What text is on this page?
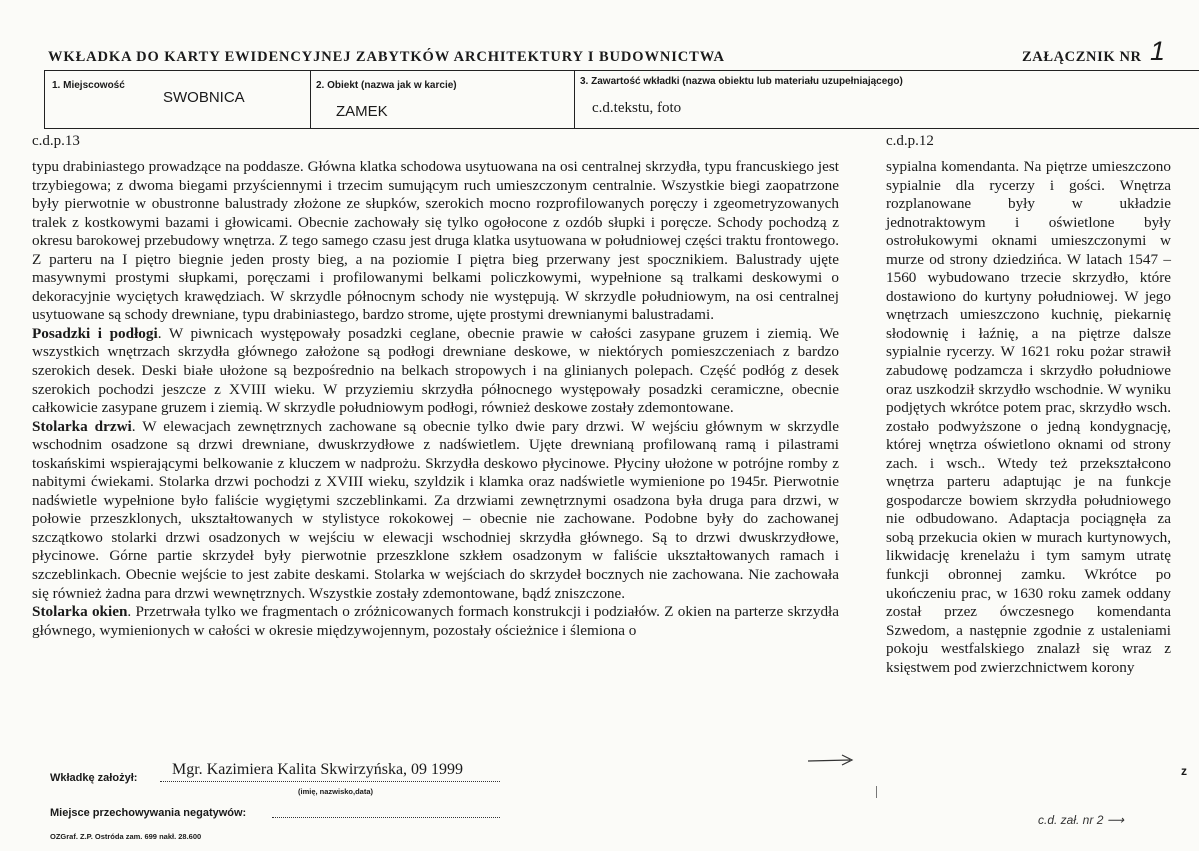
WKŁADKA DO KARTY EWIDENCYJNEJ ZABYTKÓW ARCHITEKTURY I BUDOWNICTWA	ZAŁĄCZNIK NR 1
1. Miejscowość
SWOBNICA
2. Obiekt (nazwa jak w karcie)
ZAMEK
3. Zawartość wkładki (nazwa obiektu lub materiału uzupełniającego)
c.d.tekstu, foto
c.d.p.13	c.d.p.12

typu drabiniastego prowadzące na poddasze. Główna klatka schodowa usytuowana na osi centralnej skrzydła, typu francuskiego jest trzybiegowa; z dwoma biegami przyściennymi i trzecim sumującym ruch umieszczonym centralnie. Wszystkie biegi zaopatrzone były pierwotnie w obustronne balustrady złożone ze słupków, szerokich mocno rozprofilowanych poręczy i zgeometryzowanych tralek z kostkowymi bazami i głowicami. Obecnie zachowały się tylko ogołocone z ozdób słupki i poręcze. Schody pochodzą z okresu barokowej przebudowy wnętrza. Z tego samego czasu jest druga klatka usytuowana w południowej części traktu frontowego. Z parteru na I piętro biegnie jeden prosty bieg, a na poziomie I piętra bieg przerwany jest spocznikiem. Balustrady ujęte masywnymi prostymi słupkami, poręczami i profilowanymi belkami policzkowymi, wypełnione są tralkami deskowymi o dekoracyjnie wyciętych krawędziach. W skrzydle północnym schody nie występują. W skrzydle południowym, na osi centralnej usytuowane są schody drewniane, typu drabiniastego, bardzo strome, ujęte prostymi drewnianymi balustradami.

Posadzki i podłogi. W piwnicach występowały posadzki ceglane, obecnie prawie w całości zasypane gruzem i ziemią. We wszystkich wnętrzach skrzydła głównego założone są podłogi drewniane deskowe, w niektórych pomieszczeniach z bardzo szerokich desek. Deski białe ułożone są bezpośrednio na belkach stropowych i na glinianych polepach. Część podłóg z desek szerokich pochodzi jeszcze z XVIII wieku. W przyziemiu skrzydła północnego występowały posadzki ceramiczne, obecnie całkowicie zasypane gruzem i ziemią. W skrzydle południowym podłogi, również deskowe zostały zdemontowane.

Stolarka drzwi. W elewacjach zewnętrznych zachowane są obecnie tylko dwie pary drzwi. W wejściu głównym w skrzydle wschodnim osadzone są drzwi drewniane, dwuskrzydłowe z nadświetlem. Ujęte drewnianą profilowaną ramą i pilastrami toskańskimi wspierającymi belkowanie z kluczem w nadprożu. Skrzydła deskowo płycinowe. Płyciny ułożone w potrójne romby z nabitymi ćwiekami. Stolarka drzwi pochodzi z XVIII wieku, szyldzik i klamka oraz nadświetle wymienione po 1945r. Pierwotnie nadświetle wypełnione było faliście wygiętymi szczeblinkami. Za drzwiami zewnętrznymi osadzona była druga para drzwi, w połowie przeszklonych, ukształtowanych w stylistyce rokokowej – obecnie nie zachowane. Podobne były do zachowanej szczątkowo stolarki drzwi osadzonych w wejściu w elewacji wschodniej skrzydła głównego. Są to drzwi dwuskrzydłowe, płycinowe. Górne partie skrzydeł były pierwotnie przeszklone szkłem osadzonym w faliście ukształtowanych ramach i szczeblinkach. Obecnie wejście to jest zabite deskami. Stolarka w wejściach do skrzydeł bocznych nie zachowana. Nie zachowała się również żadna para drzwi wewnętrznych. Wszystkie zostały zdemontowane, bądź zniszczone.

Stolarka okien. Przetrwała tylko we fragmentach o zróżnicowanych formach konstrukcji i podziałów. Z okien na parterze skrzydła głównego, wymienionych w całości w okresie międzywojennym, pozostały ościeżnice i ślemiona o

sypialna komendanta. Na piętrze umieszczono sypialnie dla rycerzy i gości. Wnętrza rozplanowane były w układzie jednotraktowym i oświetlone były ostrołukowymi oknami umieszczonymi w murze od strony dziedzińca. W latach 1547 – 1560 wybudowano trzecie skrzydło, które dostawiono do kurtyny południowej. W jego wnętrzach umieszczono kuchnię, piekarnię słodownię i łaźnię, a na piętrze dalsze sypialnie rycerzy. W 1621 roku pożar strawił zabudowę podzamcza i skrzydło południowe oraz uszkodził skrzydło wschodnie. W wyniku podjętych wkrótce potem prac, skrzydło wsch. zostało podwyższone o jedną kondygnację, której wnętrza oświetlono oknami od strony zach. i wsch.. Wtedy też przekształcono wnętrza parteru adaptując je na funkcje gospodarcze bowiem skrzydła południowego nie odbudowano. Adaptacja pociągnęła za sobą przekucia okien w murach kurtynowych, likwidację krenelażu i tym samym utratę funkcji obronnej zamku. Wkrótce po ukończeniu prac, w 1630 roku zamek oddany został przez ówczesnego komendanta Szwedom, a następnie zgodnie z ustaleniami pokoju westfalskiego znalazł się wraz z księstwem pod zwierzchnictwem korony

z
Wkładkę założył: Mgr. Kazimiera Kalita Skwirzyńska, 09 1999
(imię, nazwisko,data)
Miejsce przechowywania negatywów:
OZGraf. Z.P. Ostróda zam. 699 nakł. 28.600
c.d. zał. nr 2 ⟶
